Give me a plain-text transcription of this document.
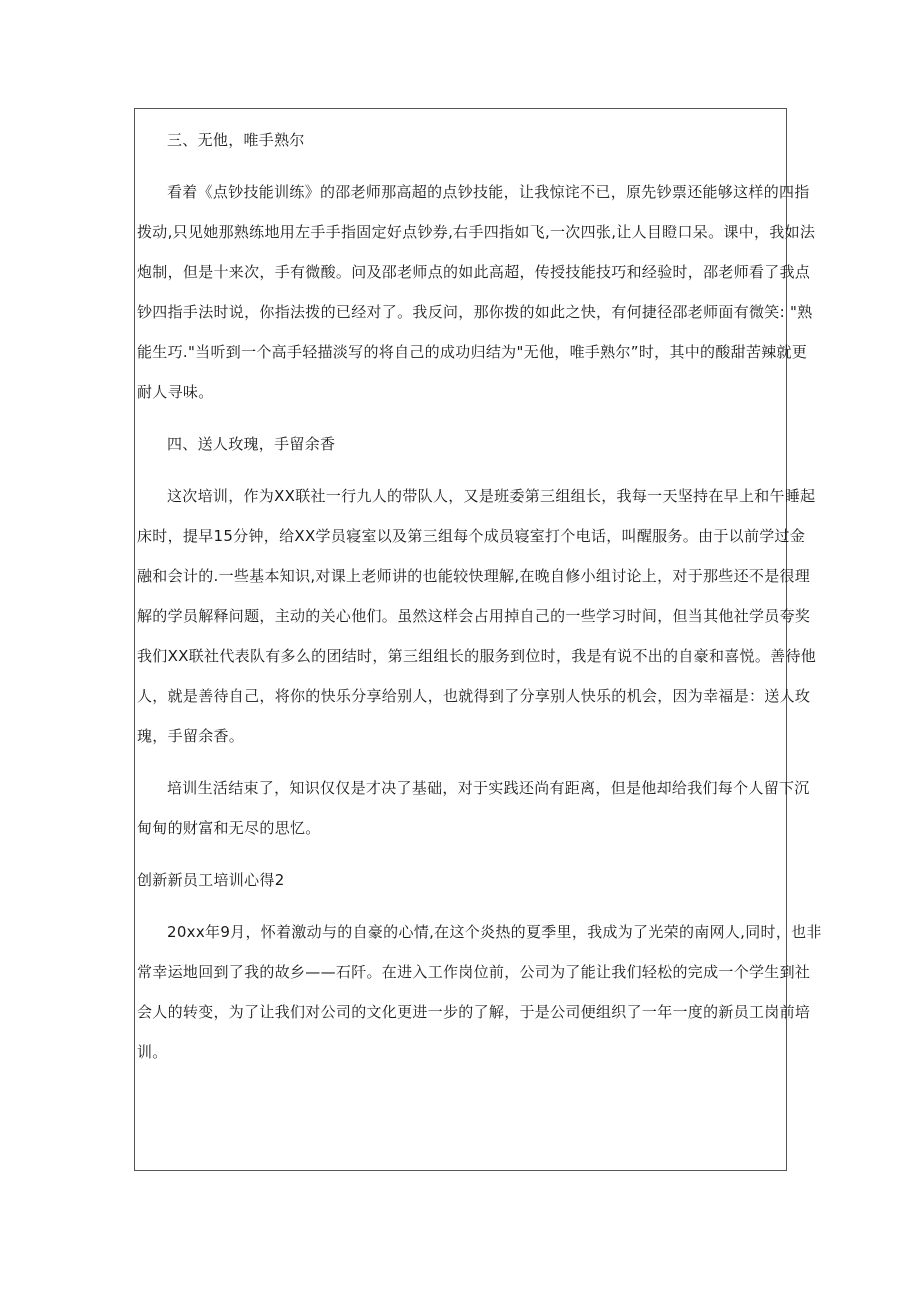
三、无他，唯手熟尔

看着《点钞技能训练》的邵老师那高超的点钞技能，让我惊诧不已，原先钞票还能够这样的四指

拨动,只见她那熟练地用左手手指固定好点钞券,右手四指如飞,一次四张,让人目瞪口呆。课中，我如法

炮制，但是十来次，手有微酸。问及邵老师点的如此高超，传授技能技巧和经验时，邵老师看了我点

钞四指手法时说，你指法拨的已经对了。我反问，那你拨的如此之快，有何捷径邵老师面有微笑: "熟

能生巧."当听到一个高手轻描淡写的将自己的成功归结为"无他，唯手熟尔”时，其中的酸甜苦辣就更

耐人寻味。

四、送人玫瑰，手留余香

这次培训，作为XX联社一行九人的带队人，又是班委第三组组长，我每一天坚持在早上和午睡起

床时，提早15分钟，给XX学员寝室以及第三组每个成员寝室打个电话，叫醒服务。由于以前学过金

融和会计的.一些基本知识,对课上老师讲的也能较快理解,在晚自修小组讨论上，对于那些还不是很理

解的学员解释问题，主动的关心他们。虽然这样会占用掉自己的一些学习时间，但当其他社学员夸奖

我们XX联社代表队有多么的团结时，第三组组长的服务到位时，我是有说不出的自豪和喜悦。善待他

人，就是善待自己，将你的快乐分享给别人，也就得到了分享别人快乐的机会，因为幸福是：送人玫

瑰，手留余香。

培训生活结束了，知识仅仅是才决了基础，对于实践还尚有距离，但是他却给我们每个人留下沉

甸甸的财富和无尽的思忆。

创新新员工培训心得2

20xx年9月，怀着激动与的自豪的心情,在这个炎热的夏季里，我成为了光荣的南网人,同时，也非

常幸运地回到了我的故乡——石阡。在进入工作岗位前，公司为了能让我们轻松的完成一个学生到社

会人的转变，为了让我们对公司的文化更进一步的了解，于是公司便组织了一年一度的新员工岗前培

训。
